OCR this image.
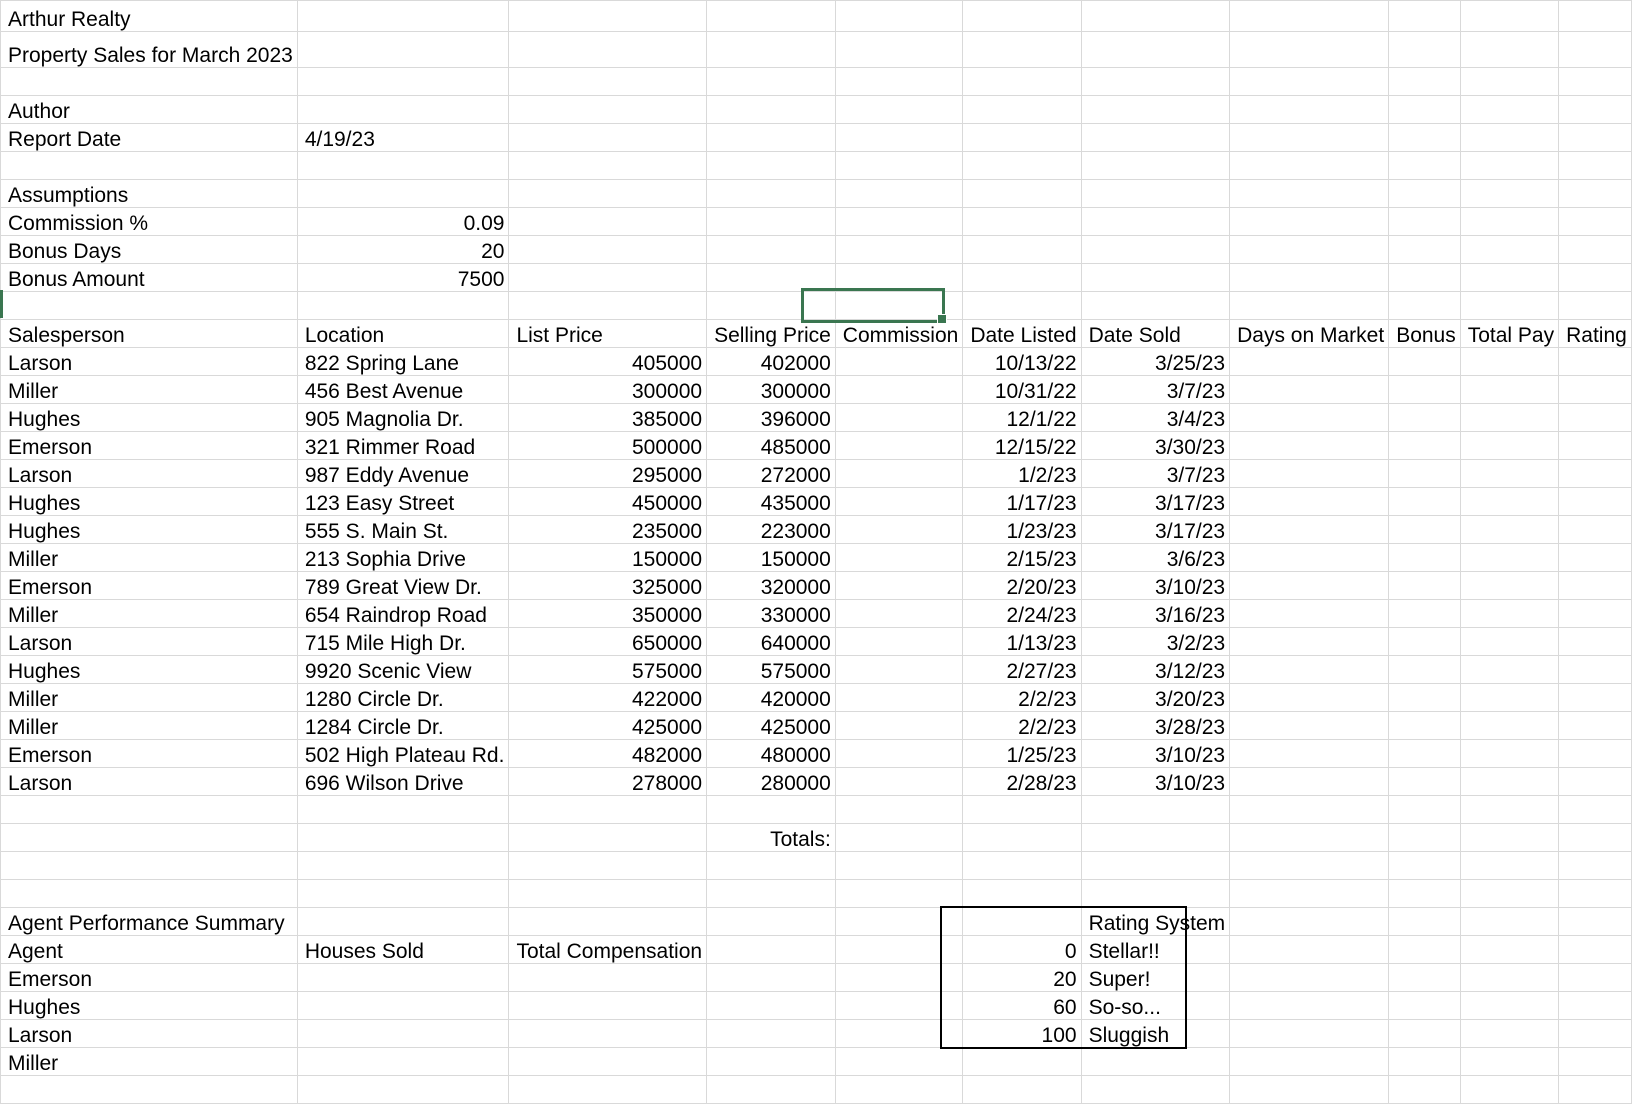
Arthur Realty										
Property Sales for March 2023										

Author										
Report Date	4/19/23									

Assumptions										
Commission %	0.09									
Bonus Days	20									
Bonus Amount	7500									

Salesperson	Location	List Price	Selling Price	Commission	Date Listed	Date Sold	Days on Market	Bonus	Total Pay	Rating
Larson	822 Spring Lane	405000	402000		10/13/22	3/25/23				
Miller	456 Best Avenue	300000	300000		10/31/22	3/7/23				
Hughes	905 Magnolia Dr.	385000	396000		12/1/22	3/4/23				
Emerson	321 Rimmer Road	500000	485000		12/15/22	3/30/23				
Larson	987 Eddy Avenue	295000	272000		1/2/23	3/7/23				
Hughes	123 Easy Street	450000	435000		1/17/23	3/17/23				
Hughes	555 S. Main St.	235000	223000		1/23/23	3/17/23				
Miller	213 Sophia Drive	150000	150000		2/15/23	3/6/23				
Emerson	789 Great View Dr.	325000	320000		2/20/23	3/10/23				
Miller	654 Raindrop Road	350000	330000		2/24/23	3/16/23				
Larson	715 Mile High Dr.	650000	640000		1/13/23	3/2/23				
Hughes	9920 Scenic View	575000	575000		2/27/23	3/12/23				
Miller	1280 Circle Dr.	422000	420000		2/2/23	3/20/23				
Miller	1284 Circle Dr.	425000	425000		2/2/23	3/28/23				
Emerson	502 High Plateau Rd.	482000	480000		1/25/23	3/10/23				
Larson	696 Wilson Drive	278000	280000		2/28/23	3/10/23				

			Totals:							

Agent Performance Summary						Rating System				
Agent	Houses Sold	Total Compensation			0	Stellar!!				
Emerson					20	Super!				
Hughes					60	So-so...				
Larson					100	Sluggish				
Miller										
